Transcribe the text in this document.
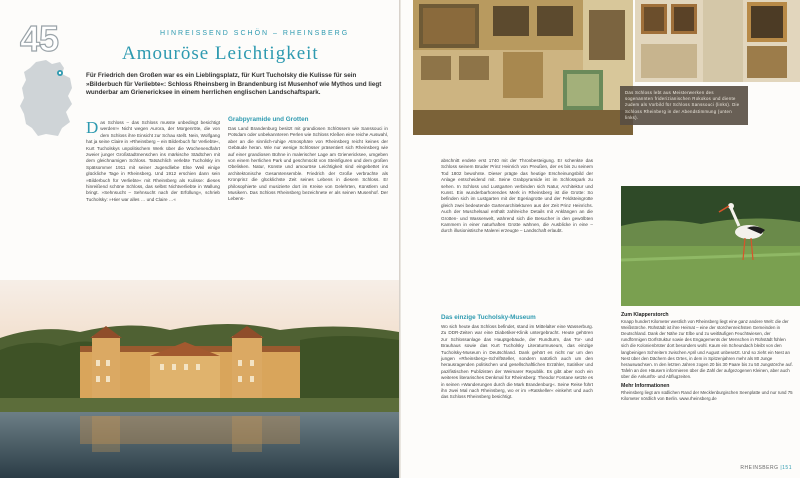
45	HINREISSEND SCHÖN – RHEINSBERG
Amouröse Leichtigkeit
Für Friedrich den Großen war es ein Lieblingsplatz, für Kurt Tucholsky die Kulisse für sein »Bilderbuch für Verliebte«: Schloss Rheinsberg in Brandenburg ist Musenhof wie Mythos und liegt wunderbar am Grienericksee in einem herrlichen englischen Landschaftspark.
D as Schloss – das Schloss musste unbedingt besichtigt werden!« Nicht wegen Aurora, der Morgenröte, die von dem Schloss ihre Einsicht zur Schau stellt. Nein, Wolfgang hat ja seine Claire in »Rheinsberg – ein Bilderbuch für Verliebte«, Kurt Tucholskys unpolitischem Werk über die Wochenendfahrt zweier junger Großstadtmenschen ins märkische Städtchen mit dem gleichnamigen Schloss. Tatsächlich verlebte Tucholsky im Spätsommer 1911 mit seiner Jugendliebe Else Weil einige glückliche Tage in Rheinsberg. Und 1912 erschien dann sein »Bilderbuch für Verliebte« mit Rheinsberg als Kulisse: dieses hinreißend schöne Schloss, das selbst Nichtverliebte in Wallung bringt. »Sehnsucht – Sehnsucht nach der Erfüllung«, schrieb Tucholsky: »Hier war alles … und Claire …«

Grabpyramide und Grotten

Das Land Brandenburg besitzt mit grandiosen Schlössern wie Sanssouci in Potsdam oder unbekannteren Perlen wie Schloss Kleßen eine reiche Auswahl, aber an die sinnlich-ruhige Atmosphäre von Rheinsberg reicht keines der Gebäude heran. Wie nur wenige Schlösser präsentiert sich Rheinsberg wie auf einer grandiosen Bühne in malerischer Lage am Grienericksee, umgeben von einem herrlichen Park und geschmückt von Steinfiguren und dem großen Obelisken. Natur, Künste und amouröse Leichtigkeit sind eingebettet ins architektonische Gesamtensemble. Friedrich der Große verbrachte als Kronprinz die glücklichste Zeit seines Lebens in diesem Schloss. Er philosophierte und musizierte dort im Kreise von Gelehrten, Künstlern und Musikern. Das Schloss Rheinsberg bezeichnete er als seinen Musenhof. Der Lebens-

Das Schloss lebt aus Meisterwerken des sogenannten friderizianischen Rokokos und diente zudem als Vorbild für Schloss Sanssouci (links). Die Schloss Rheinberg in der Abendstimmung (unten links).

abschnitt endete erst 1740 mit der Thronbesteigung. Er schenkte das Schloss seinem Bruder Prinz Heinrich von Preußen, der es bis zu seinem Tod 1802 bewohnte. Dieser prägte das heutige Erscheinungsbild der Anlage entscheidend mit. Seine Grabpyramide ist im Schlosspark zu sehen. In Schloss und Lustgarten verbinden sich Natur, Architektur und Kunst. Ein wunderbarhorendes Merk in Rheinsberg ist die Grotte: So befinden sich im Lustgarten mit der Egeriagrotte und der Feldsteingrotte gleich zwei bedeutende Gartenarchitekturen aus der Zeit Prinz Heinrichs. Auch der Muschelsaal enthält zahlreiche Details mit Anklängen an die Grotten- und Wasserwelt, während sich die Besucher in den gewölbten Kammern in einer naturhaften Grotte wähnen, die Ausblicke in eine – durch illusionistische Malerei erzeugte – Landschaft erlaubt.

Das einzige Tucholsky-Museum

Wo sich heute das Schloss befindet, stand im Mittelalter eine Wasserburg. Zu DDR-Zeiten war eine Diabetiker-Klinik untergebracht. Heute gehören zur Schlossanlage das Hauptgebäude, der Rundturm, das Tor- und Brauhaus sowie das Kurt Tucholsky Literaturmuseum, das einzige Tucholsky-Museum in Deutschland. Dank gehört es nicht nur um den jungen »Rheinsberg«-Schriftsteller, sondern natürlich auch um den herausragenden politischen und gesellschaftlichen Erzähler, Satiriker und pazifistischen Publizisten der Weimarer Republik. Es gibt aber noch ein weiteres literarisches Denkmal für Rheinsberg: Theodor Fontane setzte es in seinen »Wanderungen durch die Mark Brandenburg«. Seine Reise führt ihn zwei Mal nach Rheinsberg, wo er im »Ratskeller« einkehrt und auch das Schloss Rheinsberg besichtigt.

Zum Klapperstorch

Knapp hundert Kilometer westlich von Rheinsberg liegt eine ganz andere Welt: die der Weißstörche. Rühstädt ist ihre Heimat – eine der storchenreichsten Gemeinden in Deutschland. Dank der Nähe zur Elbe und zu weitläufigen Feuchtwiesen, der rundförmigen Dorfstruktur sowie des Engagements der Menschen in Rühstädt fühlen sich die Kolonienbrüter dort besonders wohl. Kaum ein Scheundach bleibt von den langbeinigen Schreitern zwischen April und August unbesetzt. Und so zieht ein Nest an Nest über den Dächern des Ortes, in dem in Spitzenjahren mehr als 80 Junge herauswachsen. In den letzten Jahren zogen 20 bis 30 Paare bis zu 50 Jungstörche auf. Tafeln an den Häusern informieren über die Zahl der aufgezogenen Kleinen, aber auch über die Ankunfts- und Abflugzeiten.

Mehr Informationen

Rheinsberg liegt am südlichen Rand der Mecklenburgischen Seenplatte und nur rund 75 Kilometer nördlich von Berlin. www.rheinsberg.de

RHEINSBERG |151
